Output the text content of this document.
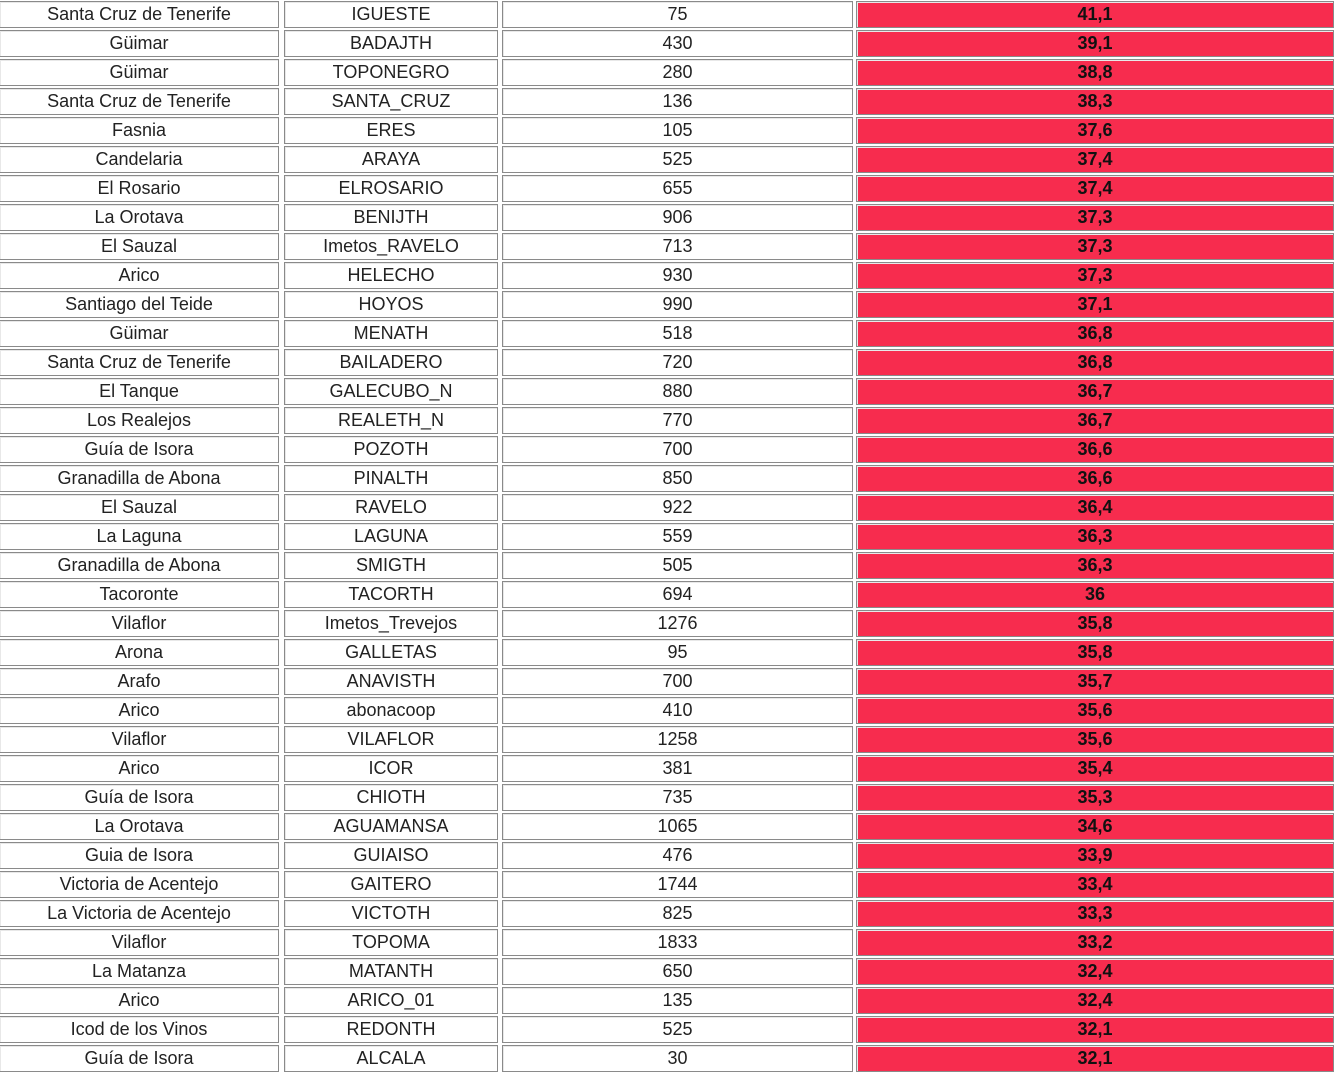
Santa Cruz de Tenerife	IGUESTE	75	41,1
Güimar	BADAJTH	430	39,1
Güimar	TOPONEGRO	280	38,8
Santa Cruz de Tenerife	SANTA_CRUZ	136	38,3
Fasnia	ERES	105	37,6
Candelaria	ARAYA	525	37,4
El Rosario	ELROSARIO	655	37,4
La Orotava	BENIJTH	906	37,3
El Sauzal	Imetos_RAVELO	713	37,3
Arico	HELECHO	930	37,3
Santiago del Teide	HOYOS	990	37,1
Güimar	MENATH	518	36,8
Santa Cruz de Tenerife	BAILADERO	720	36,8
El Tanque	GALECUBO_N	880	36,7
Los Realejos	REALETH_N	770	36,7
Guía de Isora	POZOTH	700	36,6
Granadilla de Abona	PINALTH	850	36,6
El Sauzal	RAVELO	922	36,4
La Laguna	LAGUNA	559	36,3
Granadilla de Abona	SMIGTH	505	36,3
Tacoronte	TACORTH	694	36
Vilaflor	Imetos_Trevejos	1276	35,8
Arona	GALLETAS	95	35,8
Arafo	ANAVISTH	700	35,7
Arico	abonacoop	410	35,6
Vilaflor	VILAFLOR	1258	35,6
Arico	ICOR	381	35,4
Guía de Isora	CHIOTH	735	35,3
La Orotava	AGUAMANSA	1065	34,6
Guia de Isora	GUIAISO	476	33,9
Victoria de Acentejo	GAITERO	1744	33,4
La Victoria de Acentejo	VICTOTH	825	33,3
Vilaflor	TOPOMA	1833	33,2
La Matanza	MATANTH	650	32,4
Arico	ARICO_01	135	32,4
Icod de los Vinos	REDONTH	525	32,1
Guía de Isora	ALCALA	30	32,1
